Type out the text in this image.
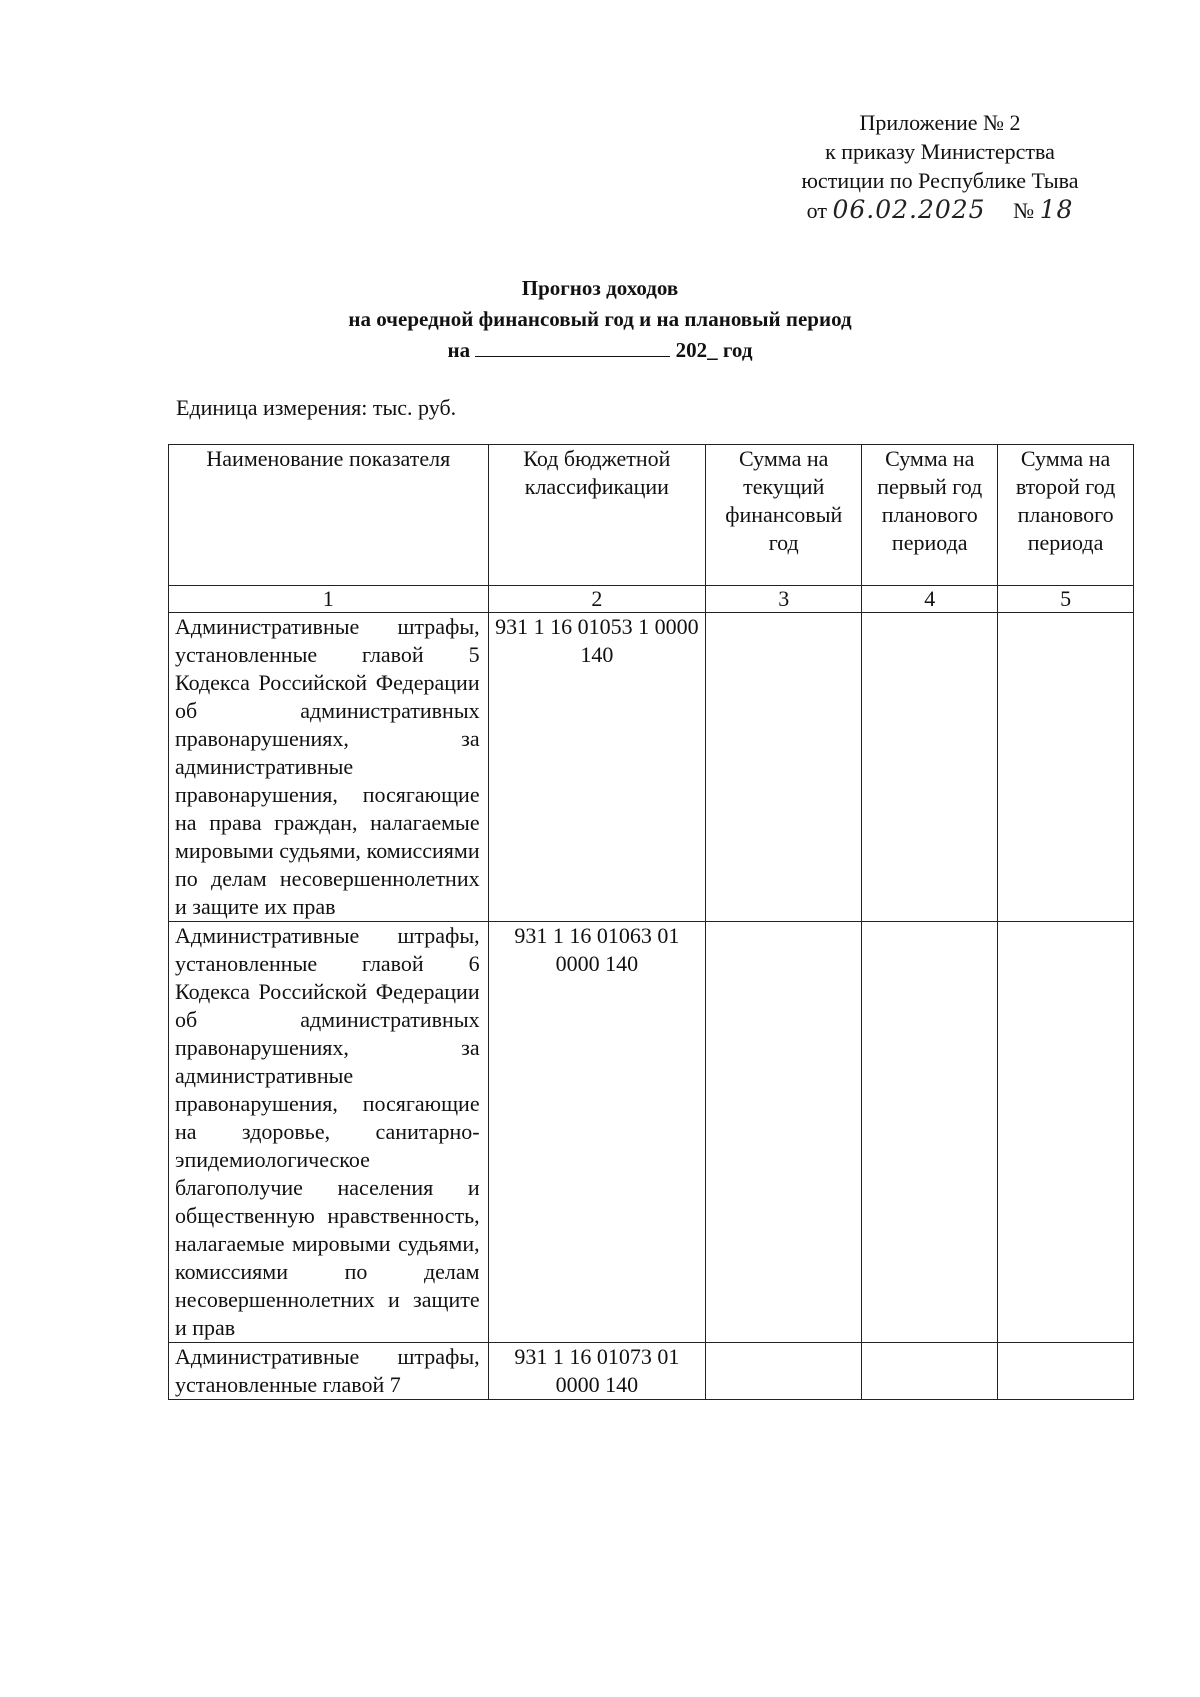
Приложение № 2
к приказу Министерства
юстиции по Республике Тыва
от 06.02.2025 № 18
Прогноз доходов
на очередной финансовый год и на плановый период
на	202_ год
Единица измерения: тыс. руб.
Наименование показателя	Код бюджетной классификации	Сумма на текущий финансовый год	Сумма на первый год планового периода	Сумма на второй год планового периода
1	2	3	4	5
Административные штрафы, установленные главой 5 Кодекса Российской Федерации об административных правонарушениях, за административные правонарушения, посягающие на права граждан, налагаемые мировыми судьями, комиссиями по делам несовершеннолетних и защите их прав	931 1 16 01053 1 0000 140			
Административные штрафы, установленные главой 6 Кодекса Российской Федерации об административных правонарушениях, за административные правонарушения, посягающие на здоровье, санитарно-эпидемиологическое благополучие населения и общественную нравственность, налагаемые мировыми судьями, комиссиями по делам несовершеннолетних и защите и прав	931 1 16 01063 01 0000 140			
Административные штрафы, установленные главой 7	931 1 16 01073 01 0000 140			
